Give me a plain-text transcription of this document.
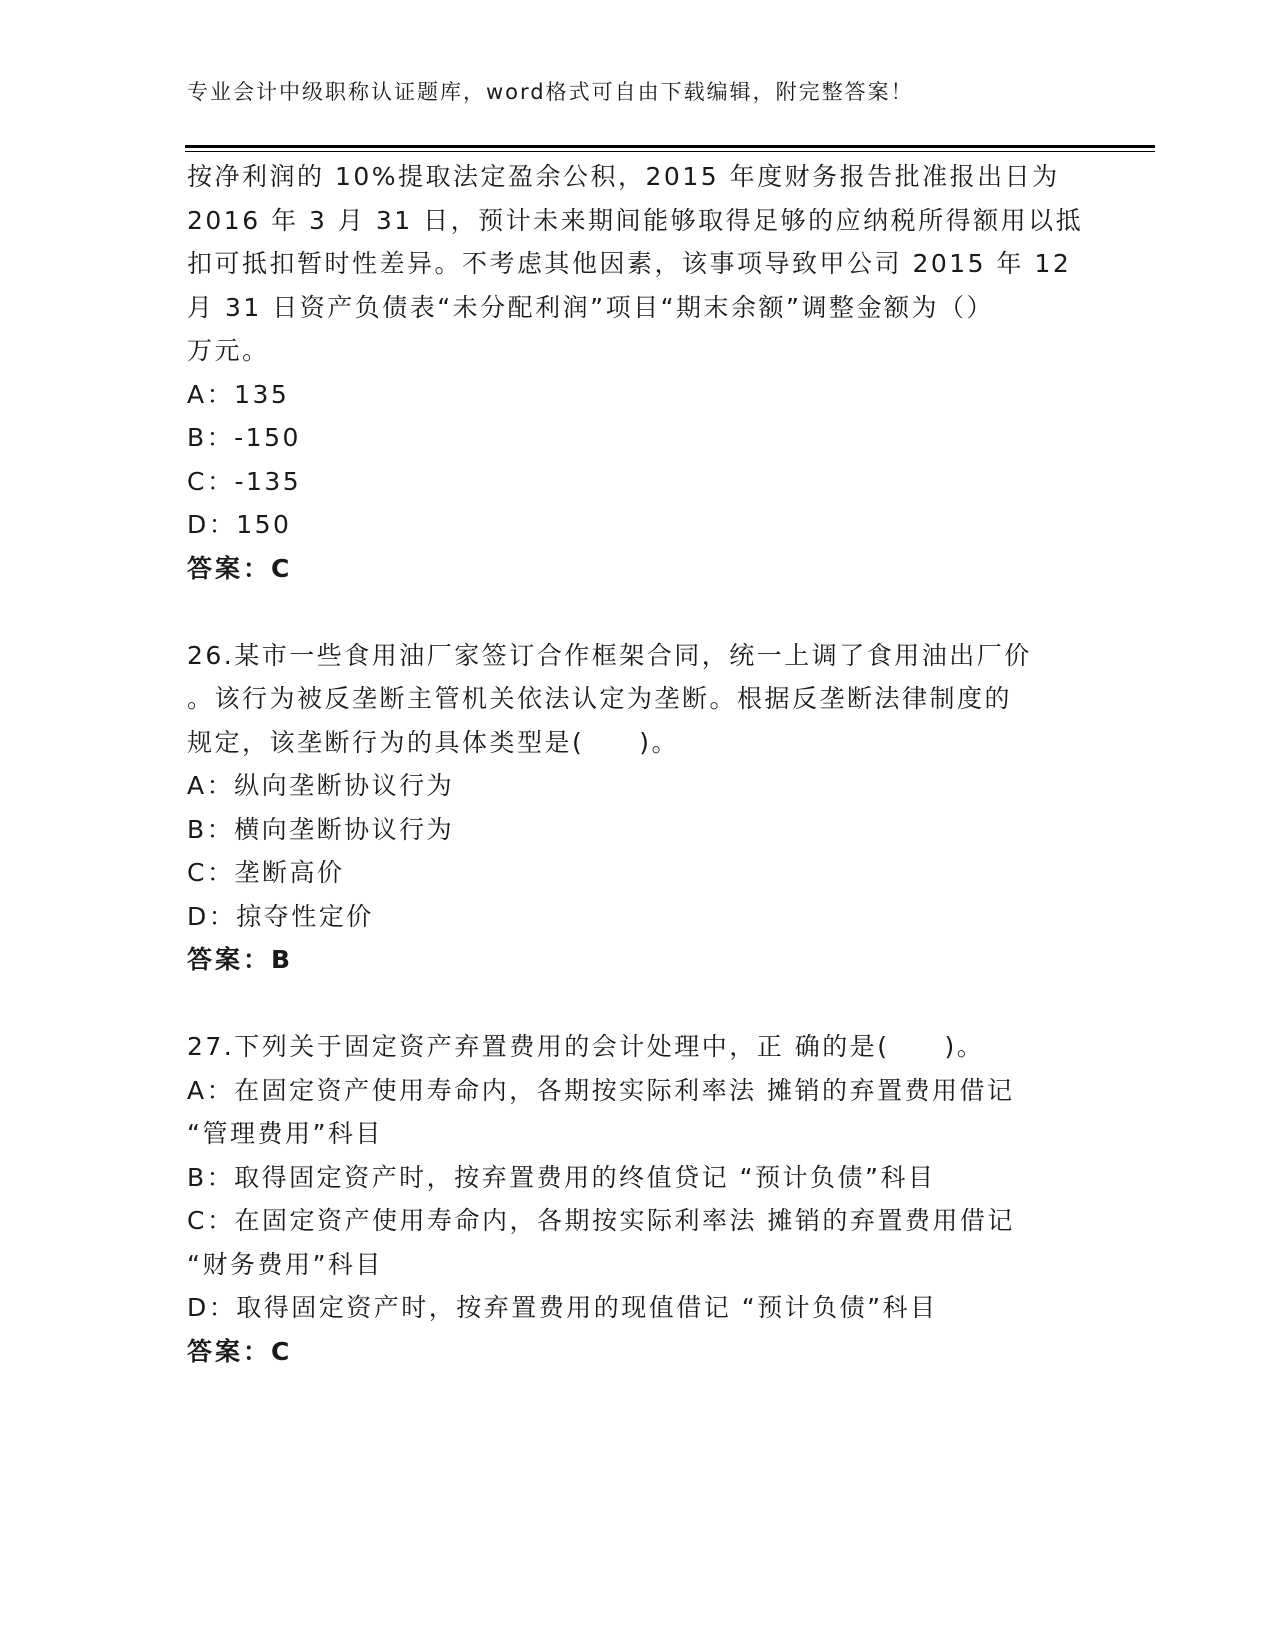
专业会计中级职称认证题库，word格式可自由下载编辑，附完整答案！
按净利润的 10%提取法定盈余公积，2015 年度财务报告批准报出日为
2016 年 3 月 31 日，预计未来期间能够取得足够的应纳税所得额用以抵
扣可抵扣暂时性差异。不考虑其他因素，该事项导致甲公司 2015 年 12
月 31 日资产负债表“未分配利润”项目“期末余额”调整金额为（）
万元。
A：135
B：-150
C：-135
D：150
答案：C
26.某市一些食用油厂家签订合作框架合同，统一上调了食用油出厂价
。该行为被反垄断主管机关依法认定为垄断。根据反垄断法律制度的
规定，该垄断行为的具体类型是(　　)。
A：纵向垄断协议行为
B：横向垄断协议行为
C：垄断高价
D：掠夺性定价
答案：B
27.下列关于固定资产弃置费用的会计处理中，正 确的是(　　)。
A：在固定资产使用寿命内，各期按实际利率法 摊销的弃置费用借记
“管理费用”科目
B：取得固定资产时，按弃置费用的终值贷记 “预计负债”科目
C：在固定资产使用寿命内，各期按实际利率法 摊销的弃置费用借记
“财务费用”科目
D：取得固定资产时，按弃置费用的现值借记 “预计负债”科目
答案：C
